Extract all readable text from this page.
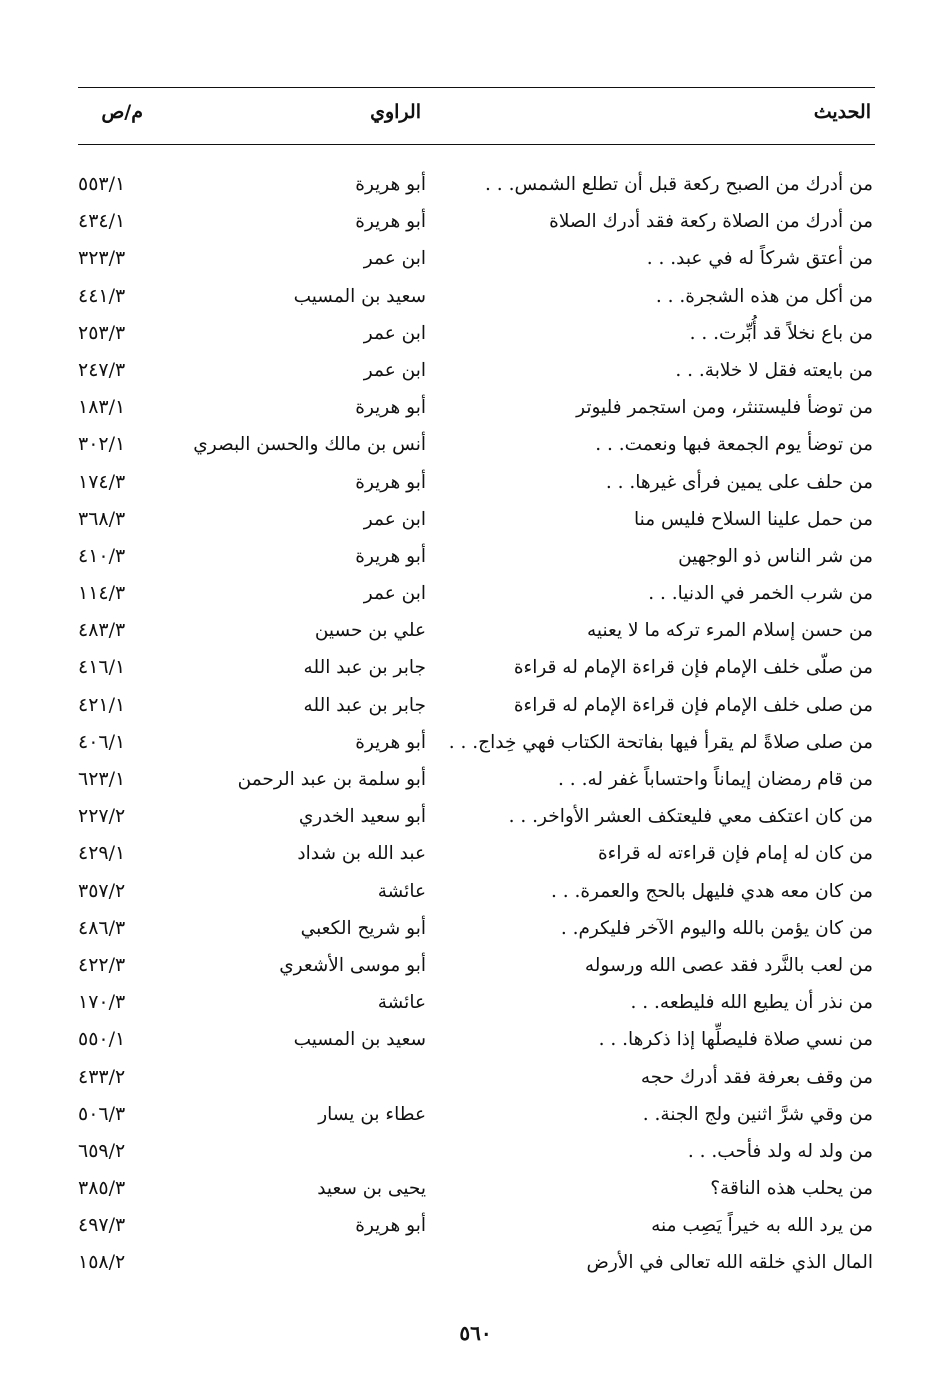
الحديث
الراوي
م/ص
من أدرك من الصبح ركعة قبل أن تطلع الشمس. . .
أبو هريرة
٥٥٣/١
من أدرك من الصلاة ركعة فقد أدرك الصلاة
أبو هريرة
٤٣٤/١
من أعتق شركاً له في عبد. . .
ابن عمر
٣٢٣/٣
من أكل من هذه الشجرة. . .
سعيد بن المسيب
٤٤١/٣
من باع نخلاً قد أُبِّرت. . .
ابن عمر
٢٥٣/٣
من بايعته فقل لا خلابة. . .
ابن عمر
٢٤٧/٣
من توضأ فليستنثر، ومن استجمر فليوتر
أبو هريرة
١٨٣/١
من توضأ يوم الجمعة فبها ونعمت. . .
أنس بن مالك والحسن البصري
٣٠٢/١
من حلف على يمين فرأى غيرها. . .
أبو هريرة
١٧٤/٣
من حمل علينا السلاح فليس منا
ابن عمر
٣٦٨/٣
من شر الناس ذو الوجهين
أبو هريرة
٤١٠/٣
من شرب الخمر في الدنيا. . .
ابن عمر
١١٤/٣
من حسن إسلام المرء تركه ما لا يعنيه
علي بن حسين
٤٨٣/٣
من صلّى خلف الإمام فإن قراءة الإمام له قراءة
جابر بن عبد الله
٤١٦/١
من صلى خلف الإمام فإن قراءة الإمام له قراءة
جابر بن عبد الله
٤٢١/١
من صلى صلاةً لم يقرأ فيها بفاتحة الكتاب فهي خِداج. . .
أبو هريرة
٤٠٦/١
من قام رمضان إيماناً واحتساباً غفر له. . .
أبو سلمة بن عبد الرحمن
٦٢٣/١
من كان اعتكف معي فليعتكف العشر الأواخر. . .
أبو سعيد الخدري
٢٢٧/٢
من كان له إمام فإن قراءته له قراءة
عبد الله بن شداد
٤٢٩/١
من كان معه هدي فليهل بالحج والعمرة. . .
عائشة
٣٥٧/٢
من كان يؤمن بالله واليوم الآخر فليكرم. .
أبو شريح الكعبي
٤٨٦/٣
من لعب بالنَّرد فقد عصى الله ورسوله
أبو موسى الأشعري
٤٢٢/٣
من نذر أن يطيع الله فليطعه. . .
عائشة
١٧٠/٣
من نسي صلاة فليصلِّها إذا ذكرها. . .
سعيد بن المسيب
٥٥٠/١
من وقف بعرفة فقد أدرك حجه
٤٣٣/٢
من وقي شرَّ اثنين ولج الجنة. .
عطاء بن يسار
٥٠٦/٣
من ولد له ولد فأحب. . .
٦٥٩/٢
من يحلب هذه الناقة؟
يحيى بن سعيد
٣٨٥/٣
من يرد الله به خيراً يَصِب منه
أبو هريرة
٤٩٧/٣
المال الذي خلقه الله تعالى في الأرض
١٥٨/٢
٥٦٠
